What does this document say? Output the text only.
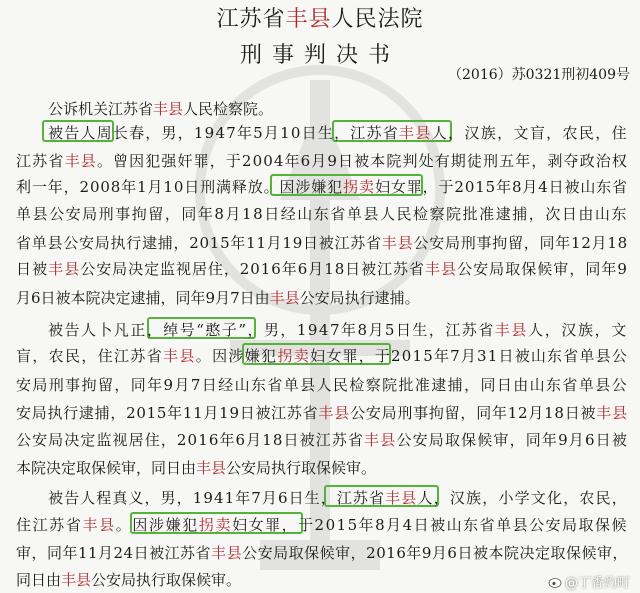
江苏省丰县人民法院
刑事判决书
（2016）苏0321刑初409号
公诉机关江苏省 丰县 人民检察院。
被告人周长春，男，1947年5月10日生，江苏省 丰县 人，汉族，文盲，农民，住
江苏省 丰县 。曾因犯强奸罪，于2004年6月9日被本院判处有期徒刑五年，剥夺政治权
利一年，2008年1月10日刑满释放。因涉嫌犯 拐卖 妇女罪，于2015年8月4日被山东省
单县公安局刑事拘留，同年8月18日经山东省单县人民检察院批准逮捕，次日由山东
省单县公安局执行逮捕，2015年11月19日被江苏省 丰县 公安局刑事拘留，同年12月18
日被 丰县 公安局决定监视居住，2016年6月18日被江苏省 丰县 公安局取保候审，同年9
月6日被本院决定逮捕，同年9月7日由 丰县 公安局执行逮捕。
被告人卜凡正，绰号“憨子”，男，1947年8月5日生，江苏省 丰县 人，汉族，文
盲，农民，住江苏省 丰县 。因涉嫌犯 拐卖 妇女罪，于2015年7月31日被山东省单县公
安局刑事拘留，同年9月7日经山东省单县人民检察院批准逮捕，同日由山东省单县公
安局执行逮捕，2015年11月19日被江苏省 丰县 公安局刑事拘留，同年12月18日被 丰县
公安局决定监视居住，2016年6月18日被江苏省 丰县 公安局取保候审，同年9月6日被
本院决定取保候审，同日由 丰县 公安局执行取保候审。
被告人程真义，男，1941年7月6日生，江苏省 丰县 人，汉族，小学文化，农民，
住江苏省 丰县 。因涉嫌犯 拐卖 妇女罪，于2015年8月4日被山东省单县公安局取保候
审，同年11月24日被江苏省 丰县 公安局取保候审，2016年9月6日被本院决定取保候审，
同日由 丰县 公安局执行取保候审。	@丁香灼町
